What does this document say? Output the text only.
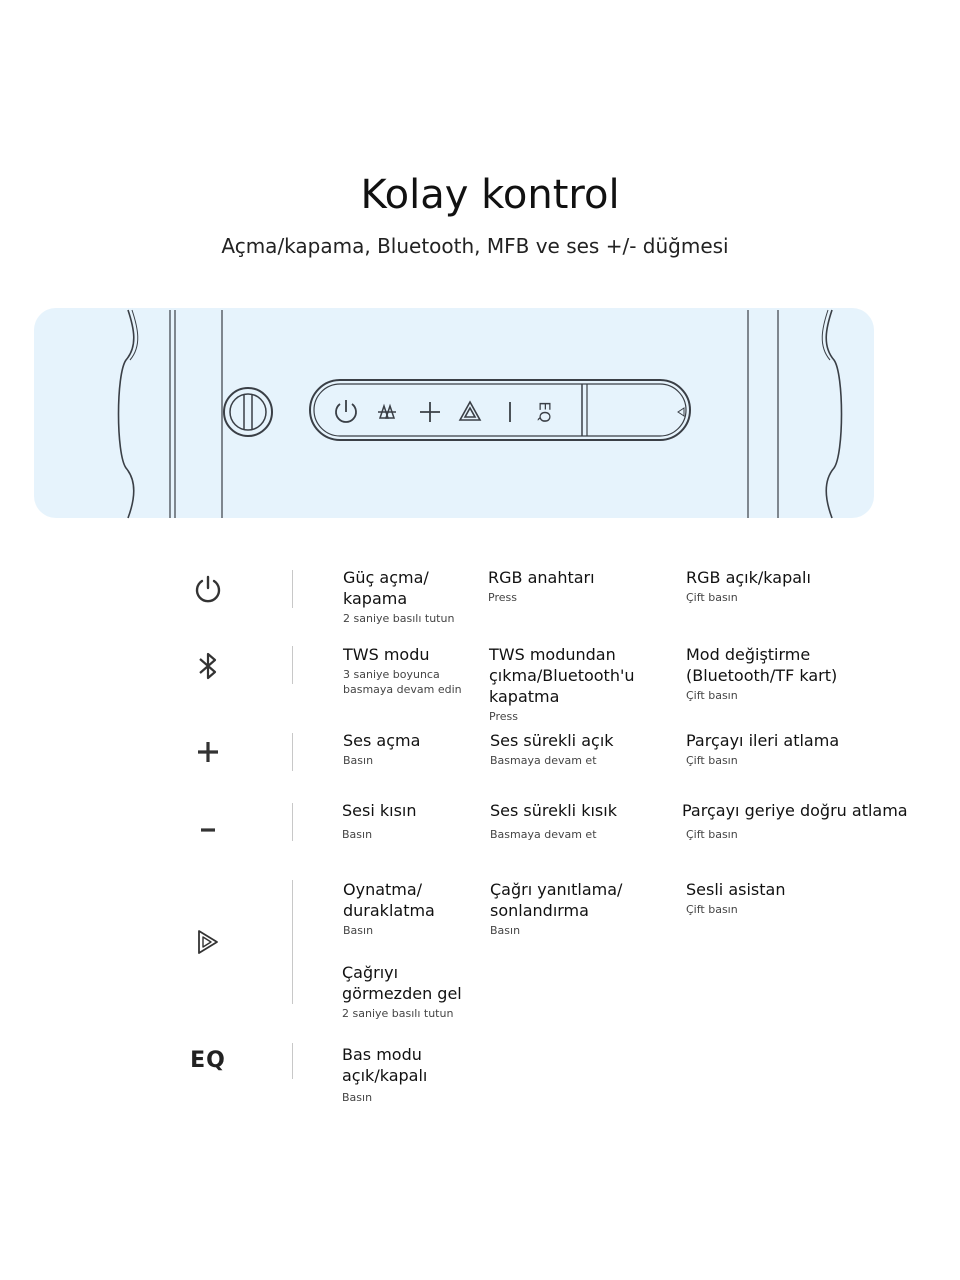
Kolay kontrol
Açma/kapama, Bluetooth, MFB ve ses +/- düğmesi
EQ
EQ
Güç açma/
kapama
2 saniye basılı tutun
RGB anahtarı
Press
RGB açık/kapalı
Çift basın
TWS modu
3 saniye boyunca
basmaya devam edin
TWS modundan
çıkma/Bluetooth'u
kapatma
Press
Mod değiştirme
(Bluetooth/TF kart)
Çift basın
Ses açma
Basın
Ses sürekli açık
Basmaya devam et
Parçayı ileri atlama
Çift basın
Sesi kısın
Basın
Ses sürekli kısık
Basmaya devam et
Parçayı geriye doğru atlama
Çift basın
Oynatma/
duraklatma
Basın
Çağrı yanıtlama/
sonlandırma
Basın
Sesli asistan
Çift basın
Çağrıyı
görmezden gel
2 saniye basılı tutun
Bas modu
açık/kapalı
Basın
